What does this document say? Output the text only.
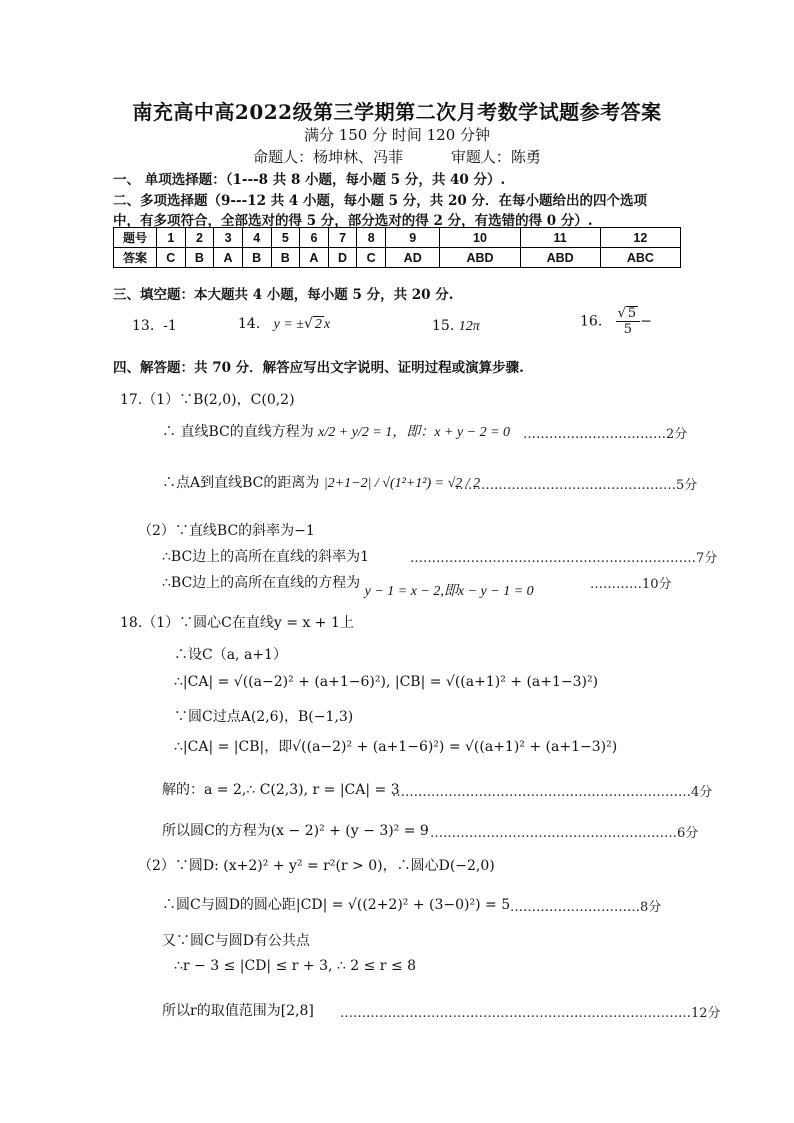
南充高中高2022级第三学期第二次月考数学试题参考答案
满分 150 分 时间 120 分钟
命题人：杨坤林、冯菲          审题人：陈勇
一、 单项选择题：（1---8 共 8 小题，每小题 5 分，共 40 分）.
二、多项选择题（9---12 共 4 小题，每小题 5 分，共 20 分．在每小题给出的四个选项
中，有多项符合，全部选对的得 5 分，部分选对的得 2 分，有选错的得 0 分）.
题号	1	2	3	4	5	6	7	8	9	10	11	12
答案	C	B	A	B	B	A	D	C	AD	ABD	ABD	ABC
三、填空题：本大题共 4 小题，每小题 5 分，共 20 分.
13. -1	14. y = ±√ 2 x	15. 12π	16. $\frac{√ 5}{5}$ −
四、解答题：共 70 分．解答应写出文字说明、证明过程或演算步骤.
17.（1）∵B(2,0)，C(0,2)
∴ 直线BC的直线方程为 x/2 + y/2 = 1，即：x + y − 2 = 0 ……………………………2分
∴点A到直线BC的距离为 |2+1−2| / √(1²+1²) = √2 / 2
……………………………………………5分
（2）∵直线BC的斜率为−1
∴BC边上的高所在直线的斜率为1	…………………………………………………………7分
∴BC边上的高所在直线的方程为 y − 1 = x − 2,即x − y − 1 = 0	…………10分
18.（1）∵圆心C在直线y = x + 1上
∴设C（a, a+1）
∴|CA| = √((a−2)² + (a+1−6)²), |CB| = √((a+1)² + (a+1−3)²)
∵圆C过点A(2,6)，B(−1,3)
∴|CA| = |CB|，即√((a−2)² + (a+1−6)²) = √((a+1)² + (a+1−3)²)
解的：a = 2,∴ C(2,3), r = |CA| = 3
……………………………………………………………4分
所以圆C的方程为(x − 2)² + (y − 3)² = 9 …………………………………………………6分
（2）∵圆D: (x+2)² + y² = r²(r > 0)，∴圆心D(−2,0)
∴圆C与圆D的圆心距|CD| = √((2+2)² + (3−0)²) = 5 …………………………8分
又∵圆C与圆D有公共点
∴r − 3 ≤ |CD| ≤ r + 3, ∴ 2 ≤ r ≤ 8
所以r的取值范围为[2,8] ………………………………………………………………………12分
